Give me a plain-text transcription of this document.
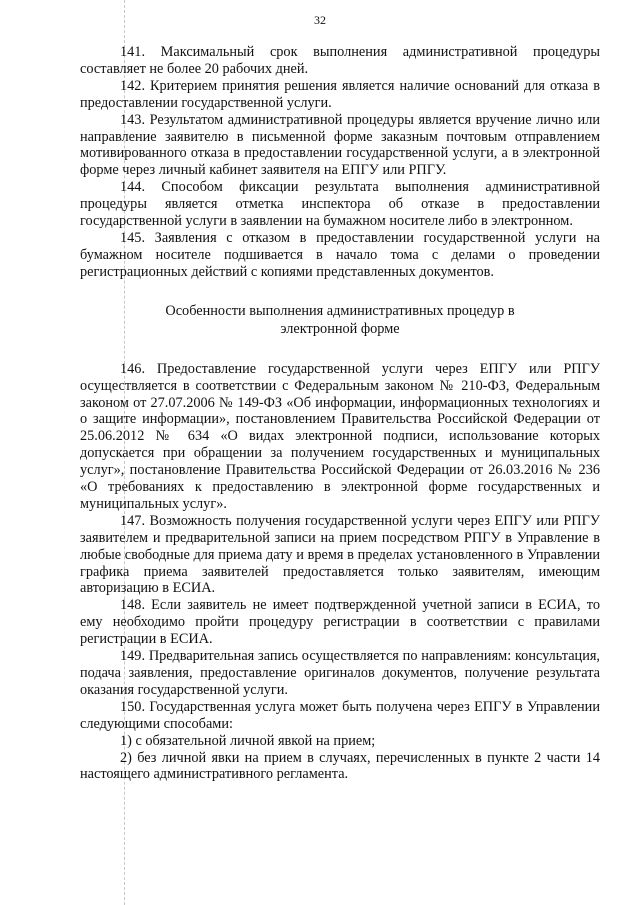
32

141. Максимальный срок выполнения административной процедуры составляет не более 20 рабочих дней.

142. Критерием принятия решения является наличие оснований для отказа в предоставлении государственной услуги.

143. Результатом административной процедуры является вручение лично или направление заявителю в письменной форме заказным почтовым отправлением мотивированного отказа в предоставлении государственной услуги, а в электронной форме через личный кабинет заявителя на ЕПГУ или РПГУ.

144. Способом фиксации результата выполнения административной процедуры является отметка инспектора об отказе в предоставлении государственной услуги в заявлении на бумажном носителе либо в электронном.

145. Заявления с отказом в предоставлении государственной услуги на бумажном носителе подшивается в начало тома с делами о проведении регистрационных действий с копиями представленных документов.

Особенности выполнения административных процедур в
электронной форме

146. Предоставление государственной услуги через ЕПГУ или РПГУ осуществляется в соответствии с Федеральным законом № 210-ФЗ, Федеральным законом от 27.07.2006 № 149-ФЗ «Об информации, информационных технологиях и о защите информации», постановлением Правительства Российской Федерации от 25.06.2012 № 634 «О видах электронной подписи, использование которых допускается при обращении за получением государственных и муниципальных услуг», постановление Правительства Российской Федерации от 26.03.2016 № 236 «О требованиях к предоставлению в электронной форме государственных и муниципальных услуг».

147. Возможность получения государственной услуги через ЕПГУ или РПГУ заявителем и предварительной записи на прием посредством РПГУ в Управление в любые свободные для приема дату и время в пределах установленного в Управлении графика приема заявителей предоставляется только заявителям, имеющим авторизацию в ЕСИА.

148. Если заявитель не имеет подтвержденной учетной записи в ЕСИА, то ему необходимо пройти процедуру регистрации в соответствии с правилами регистрации в ЕСИА.

149. Предварительная запись осуществляется по направлениям: консультация, подача заявления, предоставление оригиналов документов, получение результата оказания государственной услуги.

150. Государственная услуга может быть получена через ЕПГУ в Управлении следующими способами:

1) с обязательной личной явкой на прием;

2) без личной явки на прием в случаях, перечисленных в пункте 2 части 14 настоящего административного регламента.
